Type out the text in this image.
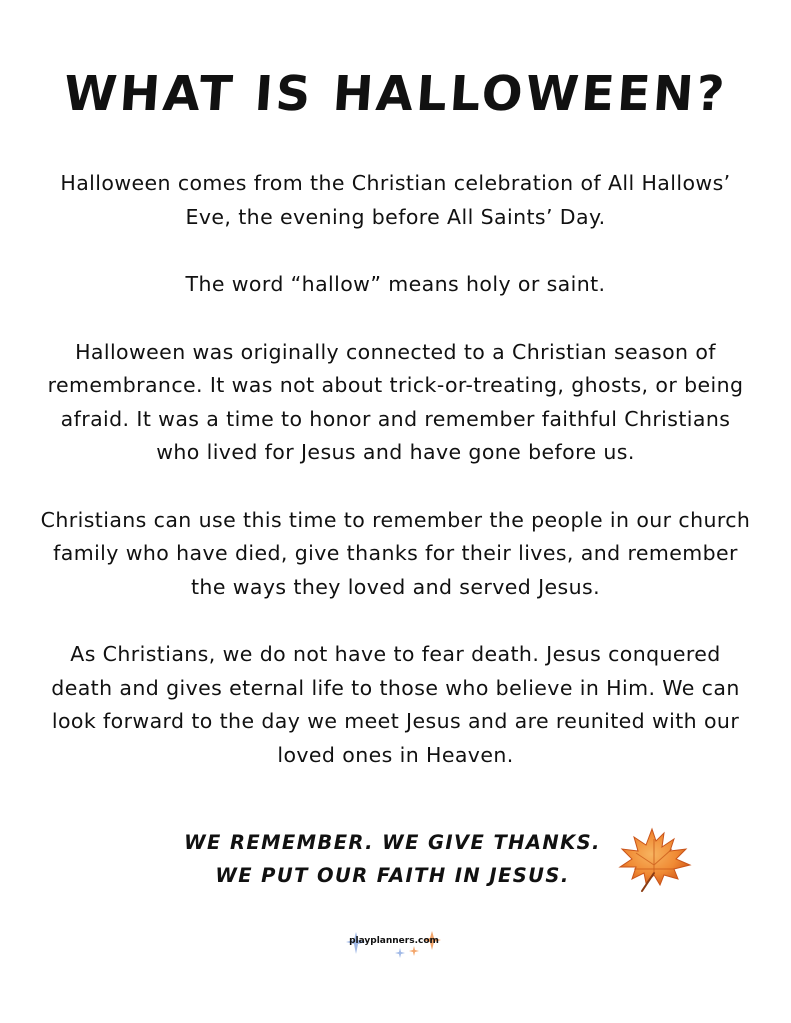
WHAT IS HALLOWEEN?

Halloween comes from the Christian celebration of All Hallows’ Eve, the evening before All Saints’ Day.

The word “hallow” means holy or saint.

Halloween was originally connected to a Christian season of remembrance. It was not about trick-or-treating, ghosts, or being afraid. It was a time to honor and remember faithful Christians who lived for Jesus and have gone before us.

Christians can use this time to remember the people in our church family who have died, give thanks for their lives, and remember the ways they loved and served Jesus.

As Christians, we do not have to fear death. Jesus conquered death and gives eternal life to those who believe in Him. We can look forward to the day we meet Jesus and are reunited with our loved ones in Heaven.

WE REMEMBER. WE GIVE THANKS.
WE PUT OUR FAITH IN JESUS.
playplanners.com
